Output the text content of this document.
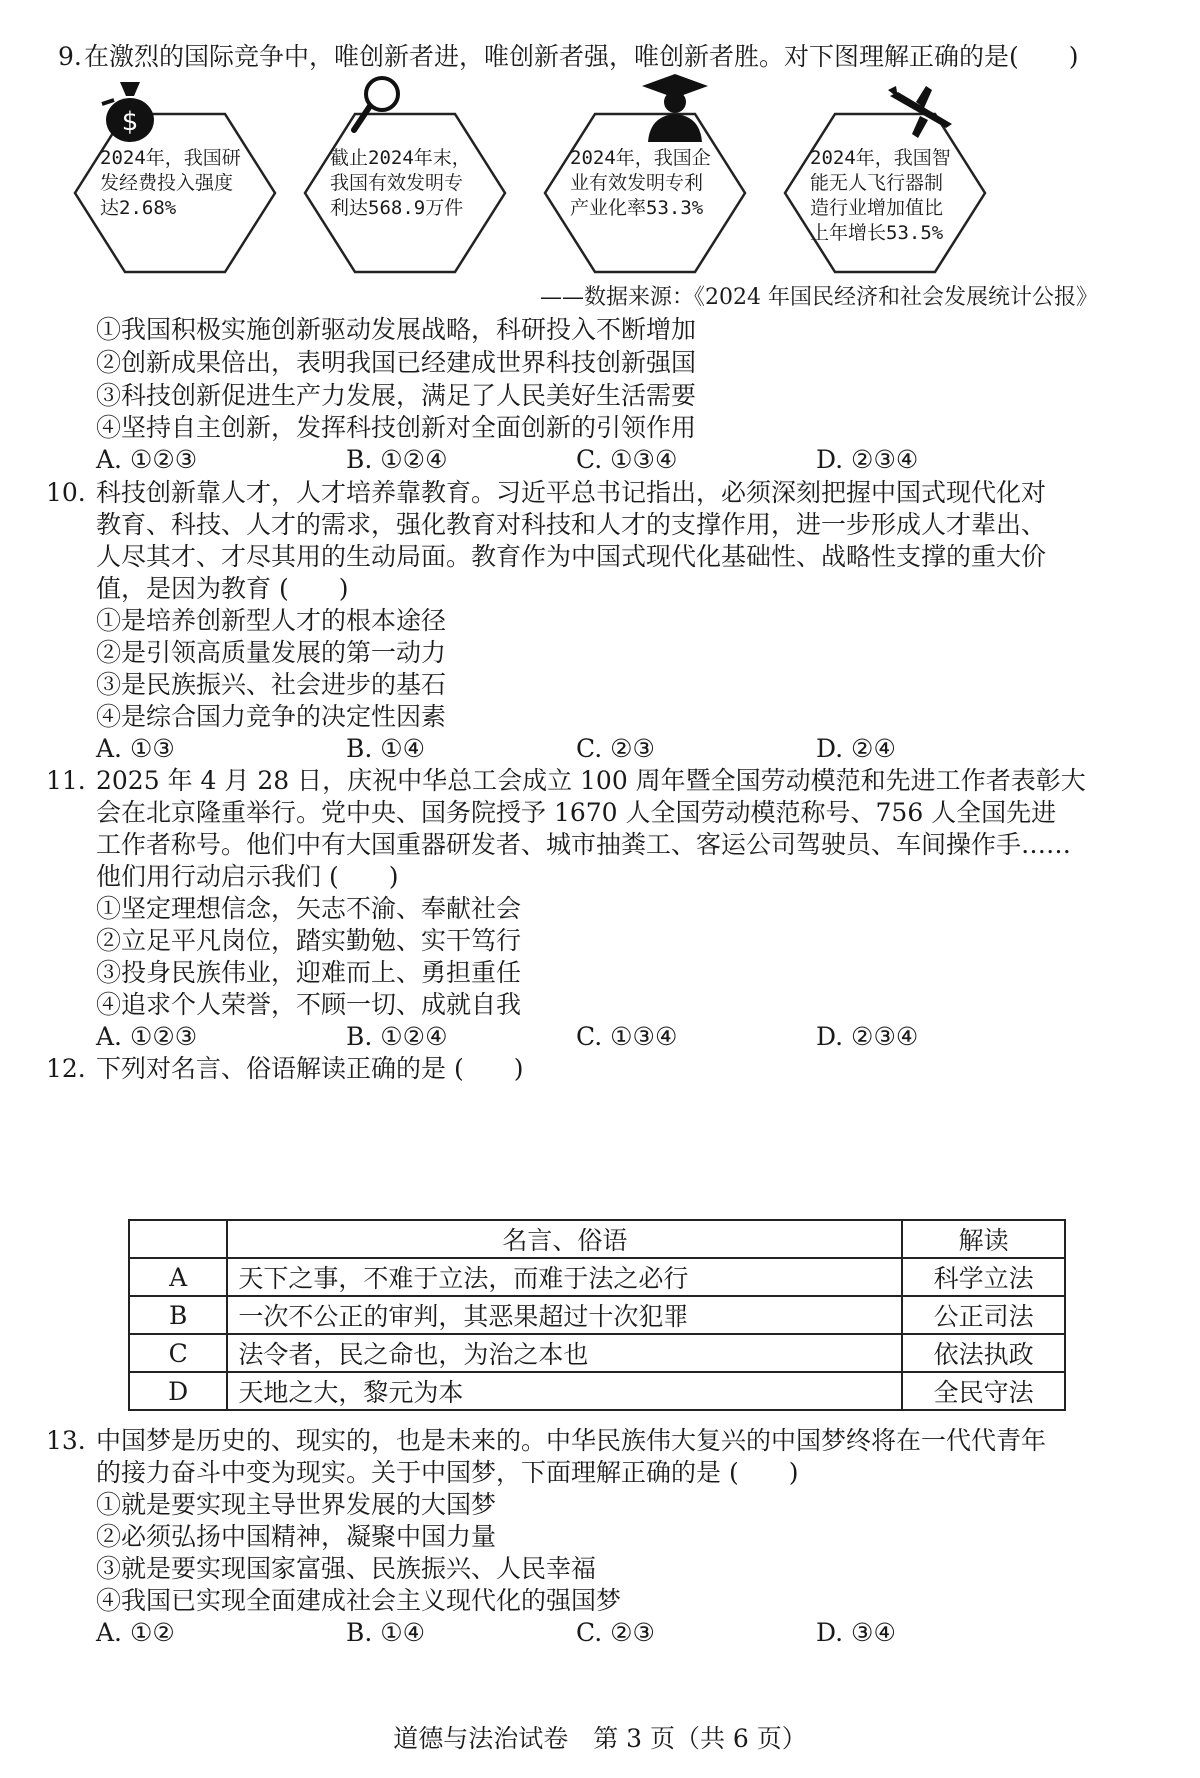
9. 在激烈的国际竞争中，唯创新者进，唯创新者强，唯创新者胜。对下图理解正确的是(　　)
2024年，我国研发经费投入强度达2.68%
$
截止2024年末，我国有效发明专利达568.9万件
2024年，我国企业有效发明专利产业化率53.3%
2024年，我国智能无人飞行器制造行业增加值比上年增长53.5%
——数据来源：《2024 年国民经济和社会发展统计公报》
①我国积极实施创新驱动发展战略，科研投入不断增加
②创新成果倍出，表明我国已经建成世界科技创新强国
③科技创新促进生产力发展，满足了人民美好生活需要
④坚持自主创新，发挥科技创新对全面创新的引领作用
A. ①②③	B. ①②④	C. ①③④	D. ②③④
10. 科技创新靠人才，人才培养靠教育。习近平总书记指出，必须深刻把握中国式现代化对
教育、科技、人才的需求，强化教育对科技和人才的支撑作用，进一步形成人才辈出、
人尽其才、才尽其用的生动局面。教育作为中国式现代化基础性、战略性支撑的重大价
值，是因为教育 (　　)
①是培养创新型人才的根本途径
②是引领高质量发展的第一动力
③是民族振兴、社会进步的基石
④是综合国力竞争的决定性因素
A. ①③	B. ①④	C. ②③	D. ②④
11. 2025 年 4 月 28 日，庆祝中华总工会成立 100 周年暨全国劳动模范和先进工作者表彰大
会在北京隆重举行。党中央、国务院授予 1670 人全国劳动模范称号、756 人全国先进
工作者称号。他们中有大国重器研发者、城市抽粪工、客运公司驾驶员、车间操作手……
他们用行动启示我们 (　　)
①坚定理想信念，矢志不渝、奉献社会
②立足平凡岗位，踏实勤勉、实干笃行
③投身民族伟业，迎难而上、勇担重任
④追求个人荣誉，不顾一切、成就自我
A. ①②③	B. ①②④	C. ①③④	D. ②③④
12. 下列对名言、俗语解读正确的是 (　　)
	名言、俗语	解读
A	天下之事，不难于立法，而难于法之必行	科学立法
B	一次不公正的审判，其恶果超过十次犯罪	公正司法
C	法令者，民之命也，为治之本也	依法执政
D	天地之大，黎元为本	全民守法
13. 中国梦是历史的、现实的，也是未来的。中华民族伟大复兴的中国梦终将在一代代青年
的接力奋斗中变为现实。关于中国梦，下面理解正确的是 (　　)
①就是要实现主导世界发展的大国梦
②必须弘扬中国精神，凝聚中国力量
③就是要实现国家富强、民族振兴、人民幸福
④我国已实现全面建成社会主义现代化的强国梦
A. ①②	B. ①④	C. ②③	D. ③④
道德与法治试卷　第 3 页（共 6 页）
